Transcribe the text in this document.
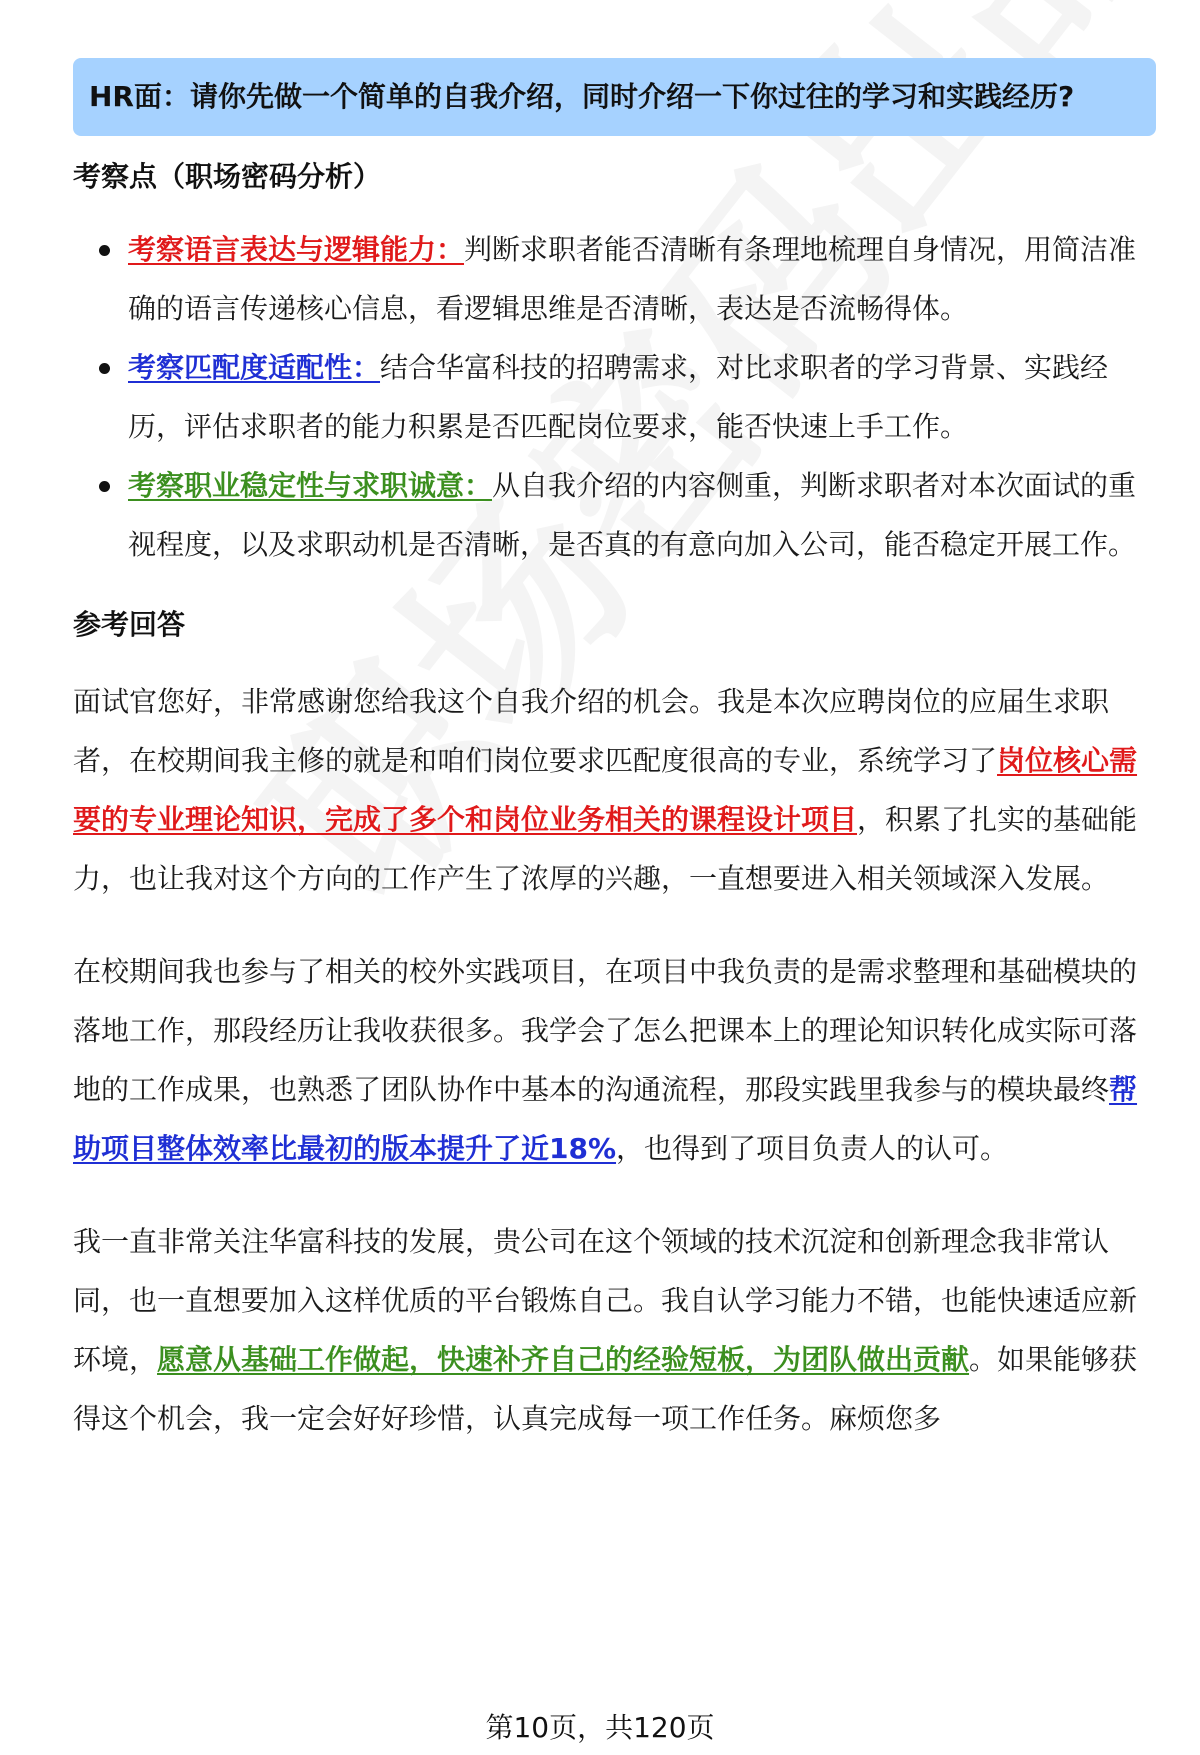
HR面：请你先做一个简单的自我介绍，同时介绍一下你过往的学习和实践经历?

考察点（职场密码分析）
考察语言表达与逻辑能力：判断求职者能否清晰有条理地梳理自身情况，用简洁准确的语言传递核心信息，看逻辑思维是否清晰，表达是否流畅得体。
考察匹配度适配性：结合华富科技的招聘需求，对比求职者的学习背景、实践经历，评估求职者的能力积累是否匹配岗位要求，能否快速上手工作。
考察职业稳定性与求职诚意：从自我介绍的内容侧重，判断求职者对本次面试的重视程度，以及求职动机是否清晰，是否真的有意向加入公司，能否稳定开展工作。
参考回答

面试官您好，非常感谢您给我这个自我介绍的机会。我是本次应聘岗位的应届生求职者，在校期间我主修的就是和咱们岗位要求匹配度很高的专业，系统学习了岗位核心需要的专业理论知识，完成了多个和岗位业务相关的课程设计项目，积累了扎实的基础能力，也让我对这个方向的工作产生了浓厚的兴趣，一直想要进入相关领域深入发展。

在校期间我也参与了相关的校外实践项目，在项目中我负责的是需求整理和基础模块的落地工作，那段经历让我收获很多。我学会了怎么把课本上的理论知识转化成实际可落地的工作成果，也熟悉了团队协作中基本的沟通流程，那段实践里我参与的模块最终帮助项目整体效率比最初的版本提升了近18%，也得到了项目负责人的认可。

我一直非常关注华富科技的发展，贵公司在这个领域的技术沉淀和创新理念我非常认同，也一直想要加入这样优质的平台锻炼自己。我自认学习能力不错，也能快速适应新环境，愿意从基础工作做起，快速补齐自己的经验短板，为团队做出贡献。如果能够获得这个机会，我一定会好好珍惜，认真完成每一项工作任务。麻烦您多

第10页，共120页
